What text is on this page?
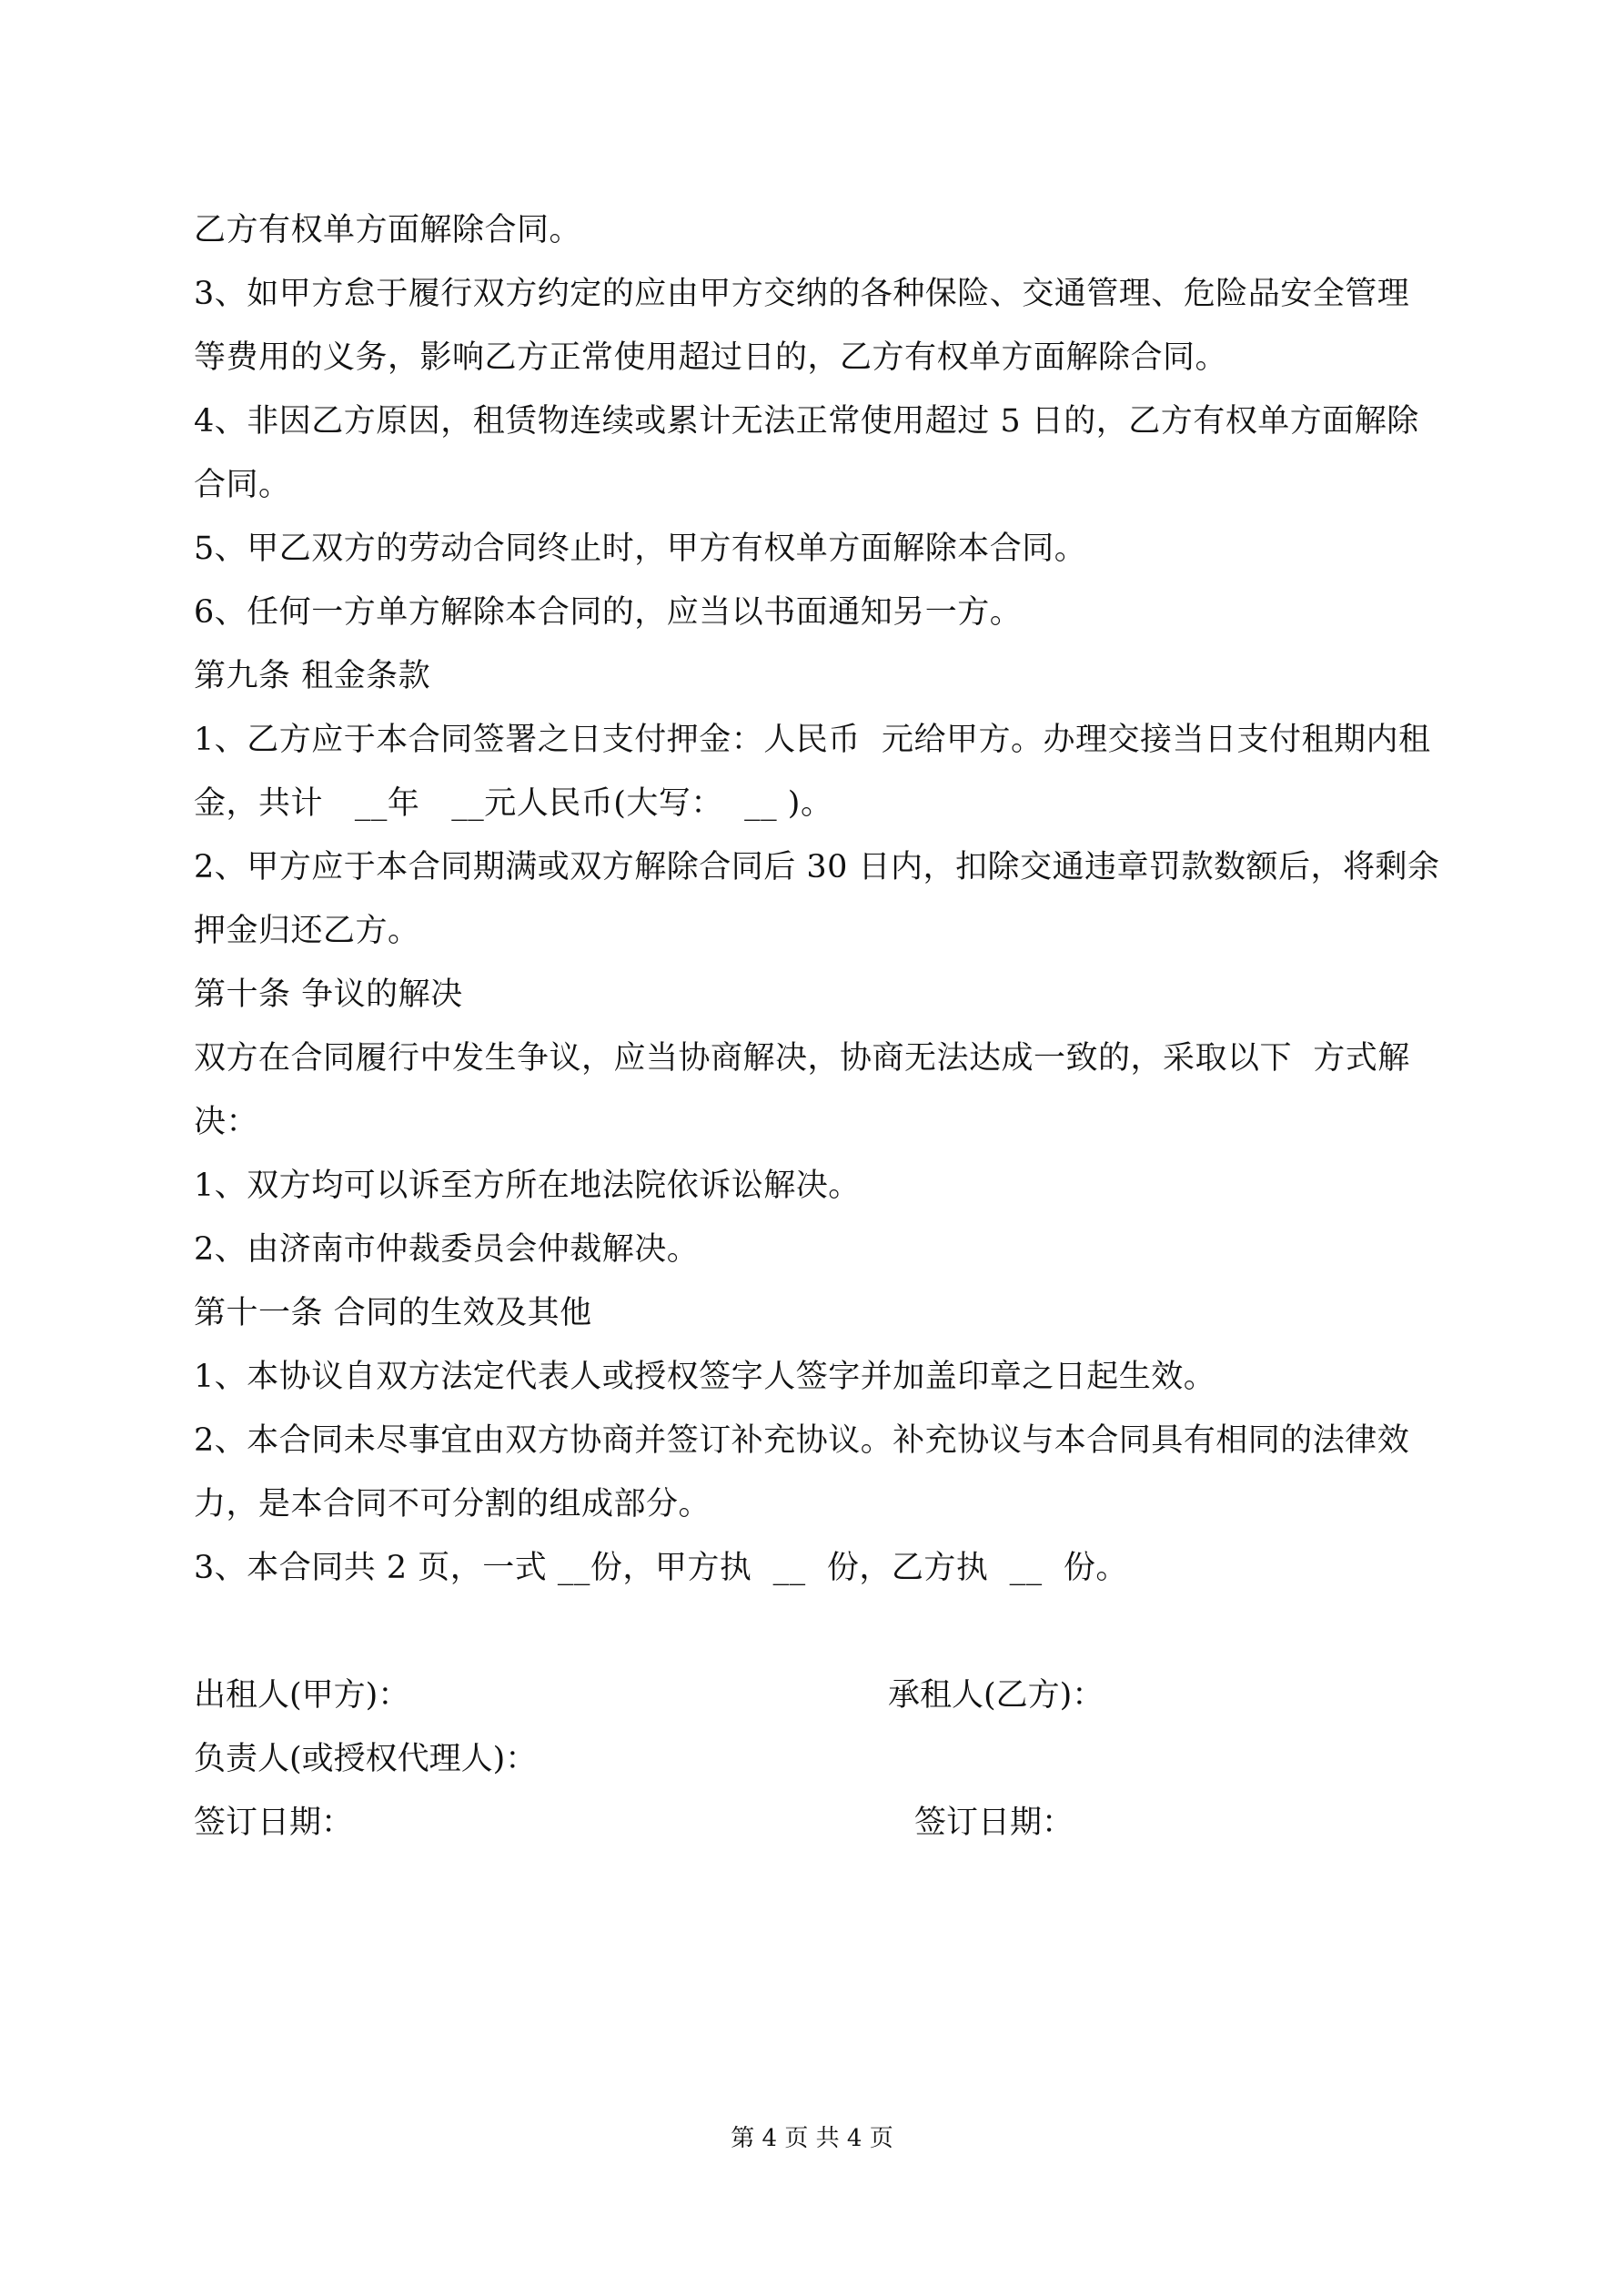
乙方有权单方面解除合同。
3、如甲方怠于履行双方约定的应由甲方交纳的各种保险、交通管理、危险品安全管理
等费用的义务，影响乙方正常使用超过日的，乙方有权单方面解除合同。
4、非因乙方原因，租赁物连续或累计无法正常使用超过 5 日的，乙方有权单方面解除
合同。
5、甲乙双方的劳动合同终止时，甲方有权单方面解除本合同。
6、任何一方单方解除本合同的，应当以书面通知另一方。
第九条 租金条款
1、乙方应于本合同签署之日支付押金：人民币  元给甲方。办理交接当日支付租期内租
金，共计   __年   __元人民币(大写：  __ )。
2、甲方应于本合同期满或双方解除合同后 30 日内，扣除交通违章罚款数额后，将剩余
押金归还乙方。
第十条 争议的解决
双方在合同履行中发生争议，应当协商解决，协商无法达成一致的，采取以下  方式解
决：
1、双方均可以诉至方所在地法院依诉讼解决。
2、由济南市仲裁委员会仲裁解决。
第十一条 合同的生效及其他
1、本协议自双方法定代表人或授权签字人签字并加盖印章之日起生效。
2、本合同未尽事宜由双方协商并签订补充协议。补充协议与本合同具有相同的法律效
力，是本合同不可分割的组成部分。
3、本合同共 2 页，一式 __份，甲方执  __  份，乙方执  __  份。

出租人(甲方)：

	承租人(乙方)：

负责人(或授权代理人)：

签订日期：

	签订日期：

第 4 页 共 4 页
